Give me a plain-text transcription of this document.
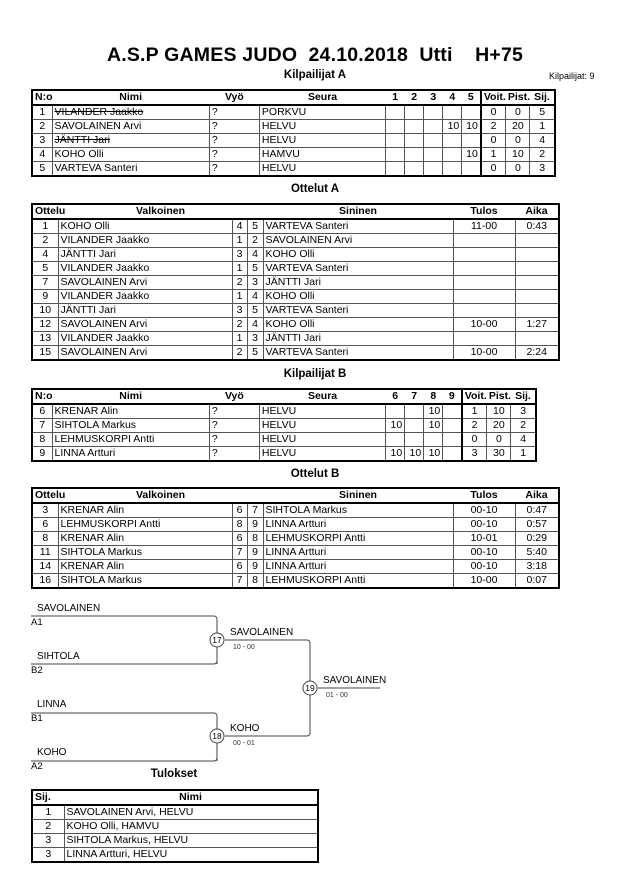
A.S.P GAMES JUDO  24.10.2018  Utti    H+75
Kilpailijat A	Kilpailijat: 9
N:o	Nimi	Vyö	Seura	1	2	3	4	5	Voit.	Pist.	Sij.
1	VILANDER Jaakko	?	PORKVU						0	0	5
2	SAVOLAINEN Arvi	?	HELVU				10	10	2	20	1
3	JÄNTTI Jari	?	HELVU						0	0	4
4	KOHO Olli	?	HAMVU					10	1	10	2
5	VARTEVA Santeri	?	HELVU						0	0	3
Ottelut A
Ottelu	Valkoinen			Sininen	Tulos	Aika
1	KOHO Olli	4	5	VARTEVA Santeri	11-00	0:43
2	VILANDER Jaakko	1	2	SAVOLAINEN Arvi		
4	JÄNTTI Jari	3	4	KOHO Olli		
5	VILANDER Jaakko	1	5	VARTEVA Santeri		
7	SAVOLAINEN Arvi	2	3	JÄNTTI Jari		
9	VILANDER Jaakko	1	4	KOHO Olli		
10	JÄNTTI Jari	3	5	VARTEVA Santeri		
12	SAVOLAINEN Arvi	2	4	KOHO Olli	10-00	1:27
13	VILANDER Jaakko	1	3	JÄNTTI Jari		
15	SAVOLAINEN Arvi	2	5	VARTEVA Santeri	10-00	2:24
Kilpailijat B
N:o	Nimi	Vyö	Seura	6	7	8	9	Voit.	Pist.	Sij.
6	KRENAR Alin	?	HELVU			10		1	10	3
7	SIHTOLA Markus	?	HELVU	10		10		2	20	2
8	LEHMUSKORPI Antti	?	HELVU					0	0	4
9	LINNA Artturi	?	HELVU	10	10	10		3	30	1
Ottelut B
Ottelu	Valkoinen			Sininen	Tulos	Aika
3	KRENAR Alin	6	7	SIHTOLA Markus	00-10	0:47
6	LEHMUSKORPI Antti	8	9	LINNA Artturi	00-10	0:57
8	KRENAR Alin	6	8	LEHMUSKORPI Antti	10-01	0:29
11	SIHTOLA Markus	7	9	LINNA Artturi	00-10	5:40
14	KRENAR Alin	6	9	LINNA Artturi	00-10	3:18
16	SIHTOLA Markus	7	8	LEHMUSKORPI Antti	10-00	0:07
SAVOLAINEN
A1
SIHTOLA
B2
LINNA
B1
KOHO
A2
17
SAVOLAINEN
10 - 00
18
KOHO
00 - 01
19
SAVOLAINEN
01 - 00
Tulokset
Sij.	Nimi
1	SAVOLAINEN Arvi, HELVU
2	KOHO Olli, HAMVU
3	SIHTOLA Markus, HELVU
3	LINNA Artturi, HELVU
